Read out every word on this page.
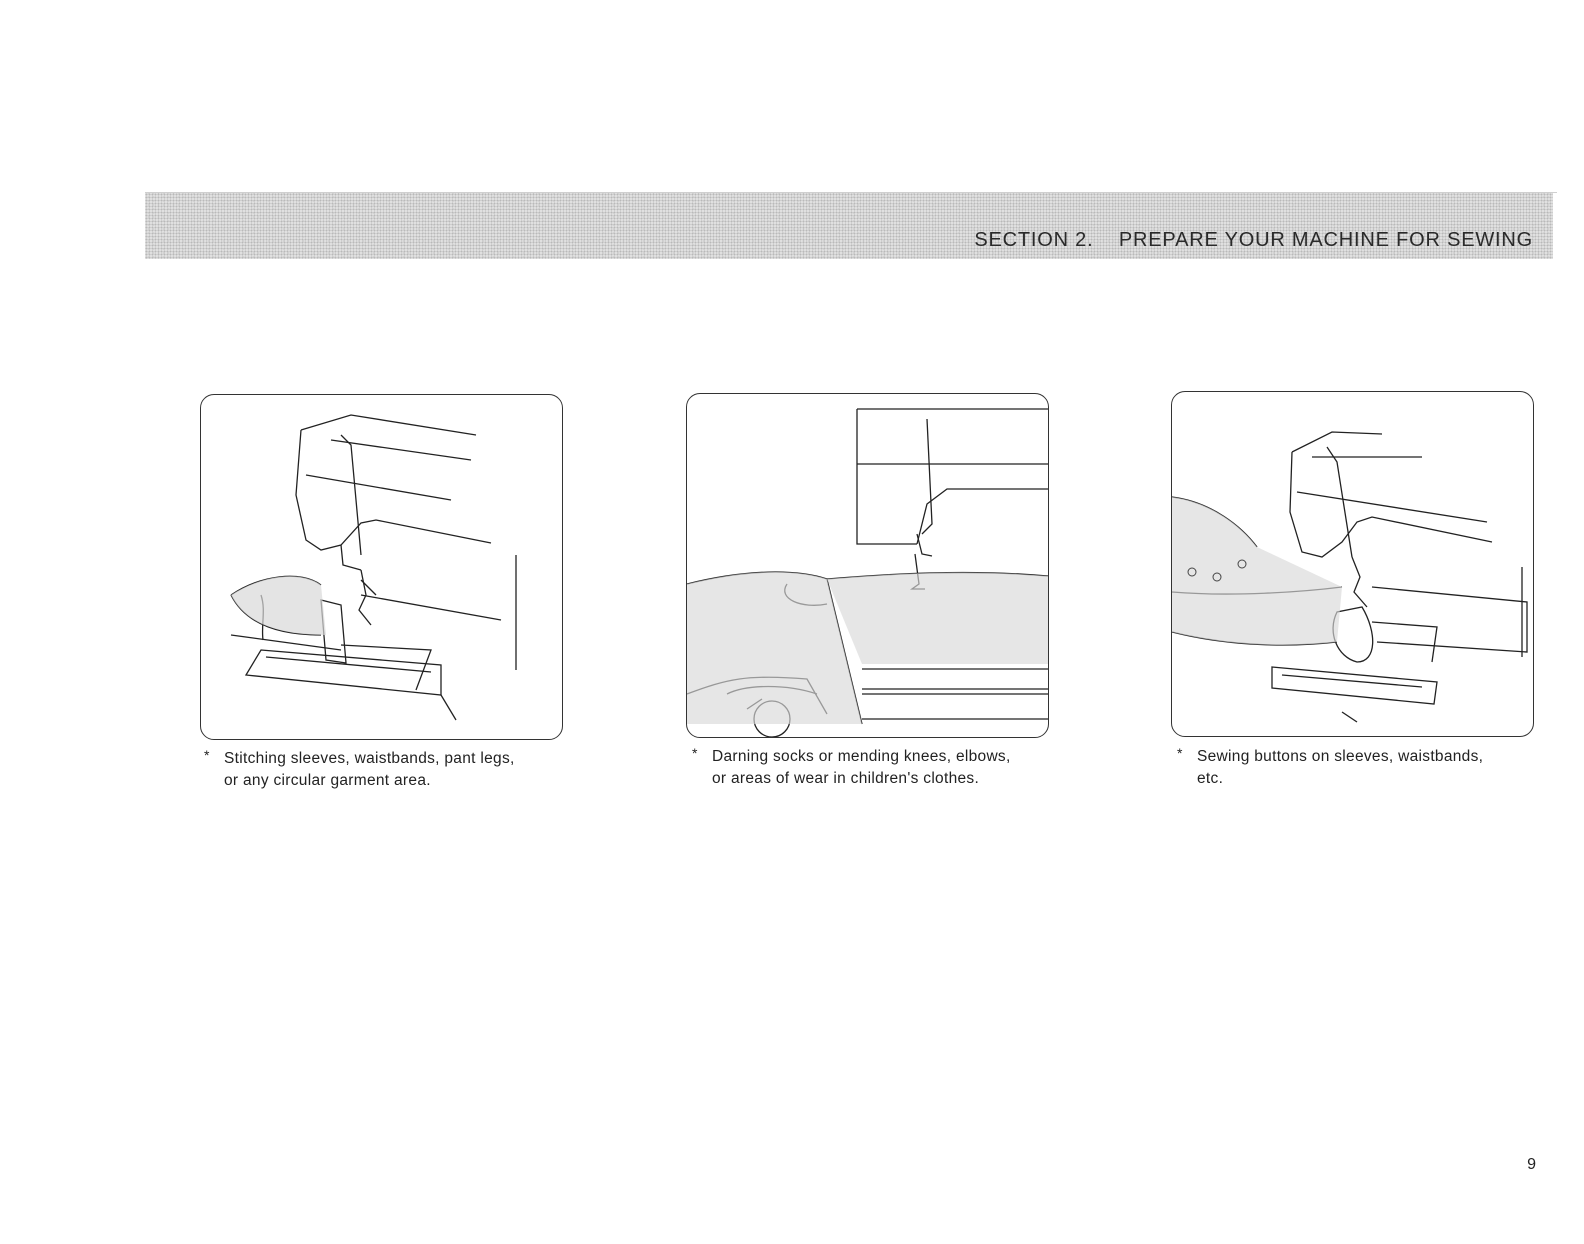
SECTION 2.    PREPARE YOUR MACHINE FOR SEWING
* Stitching sleeves, waistbands, pant legs,
or any circular garment area.
* Darning socks or mending knees, elbows,
or areas of wear in children's clothes.
* Sewing buttons on sleeves, waistbands,
etc.
9
